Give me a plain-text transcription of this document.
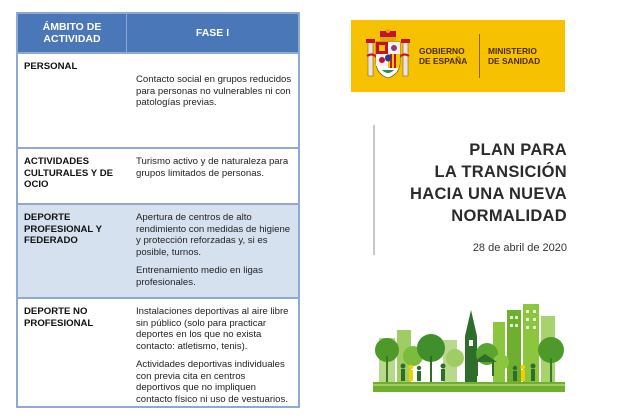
ÁMBITO DE ACTIVIDAD	FASE I
PERSONAL

Contacto social en grupos reducidos para personas no vulnerables ni con patologías previas.

ACTIVIDADES CULTURALES Y DE OCIO

Turismo activo y de naturaleza para grupos limitados de personas.

DEPORTE PROFESIONAL Y FEDERADO

Apertura de centros de alto rendimiento con medidas de higiene y protección reforzadas y, si es posible, turnos.

Entrenamiento medio en ligas profesionales.

DEPORTE NO PROFESIONAL

Instalaciones deportivas al aire libre sin público (solo para practicar deportes en los que no exista contacto: atletismo, tenis).

Actividades deportivas individuales con previa cita en centros deportivos que no impliquen contacto físico ni uso de vestuarios.

GOBIERNO
DE ESPAÑA
MINISTERIO
DE SANIDAD
PLAN PARA
LA TRANSICIÓN
HACIA UNA NUEVA
NORMALIDAD
28 de abril de 2020
